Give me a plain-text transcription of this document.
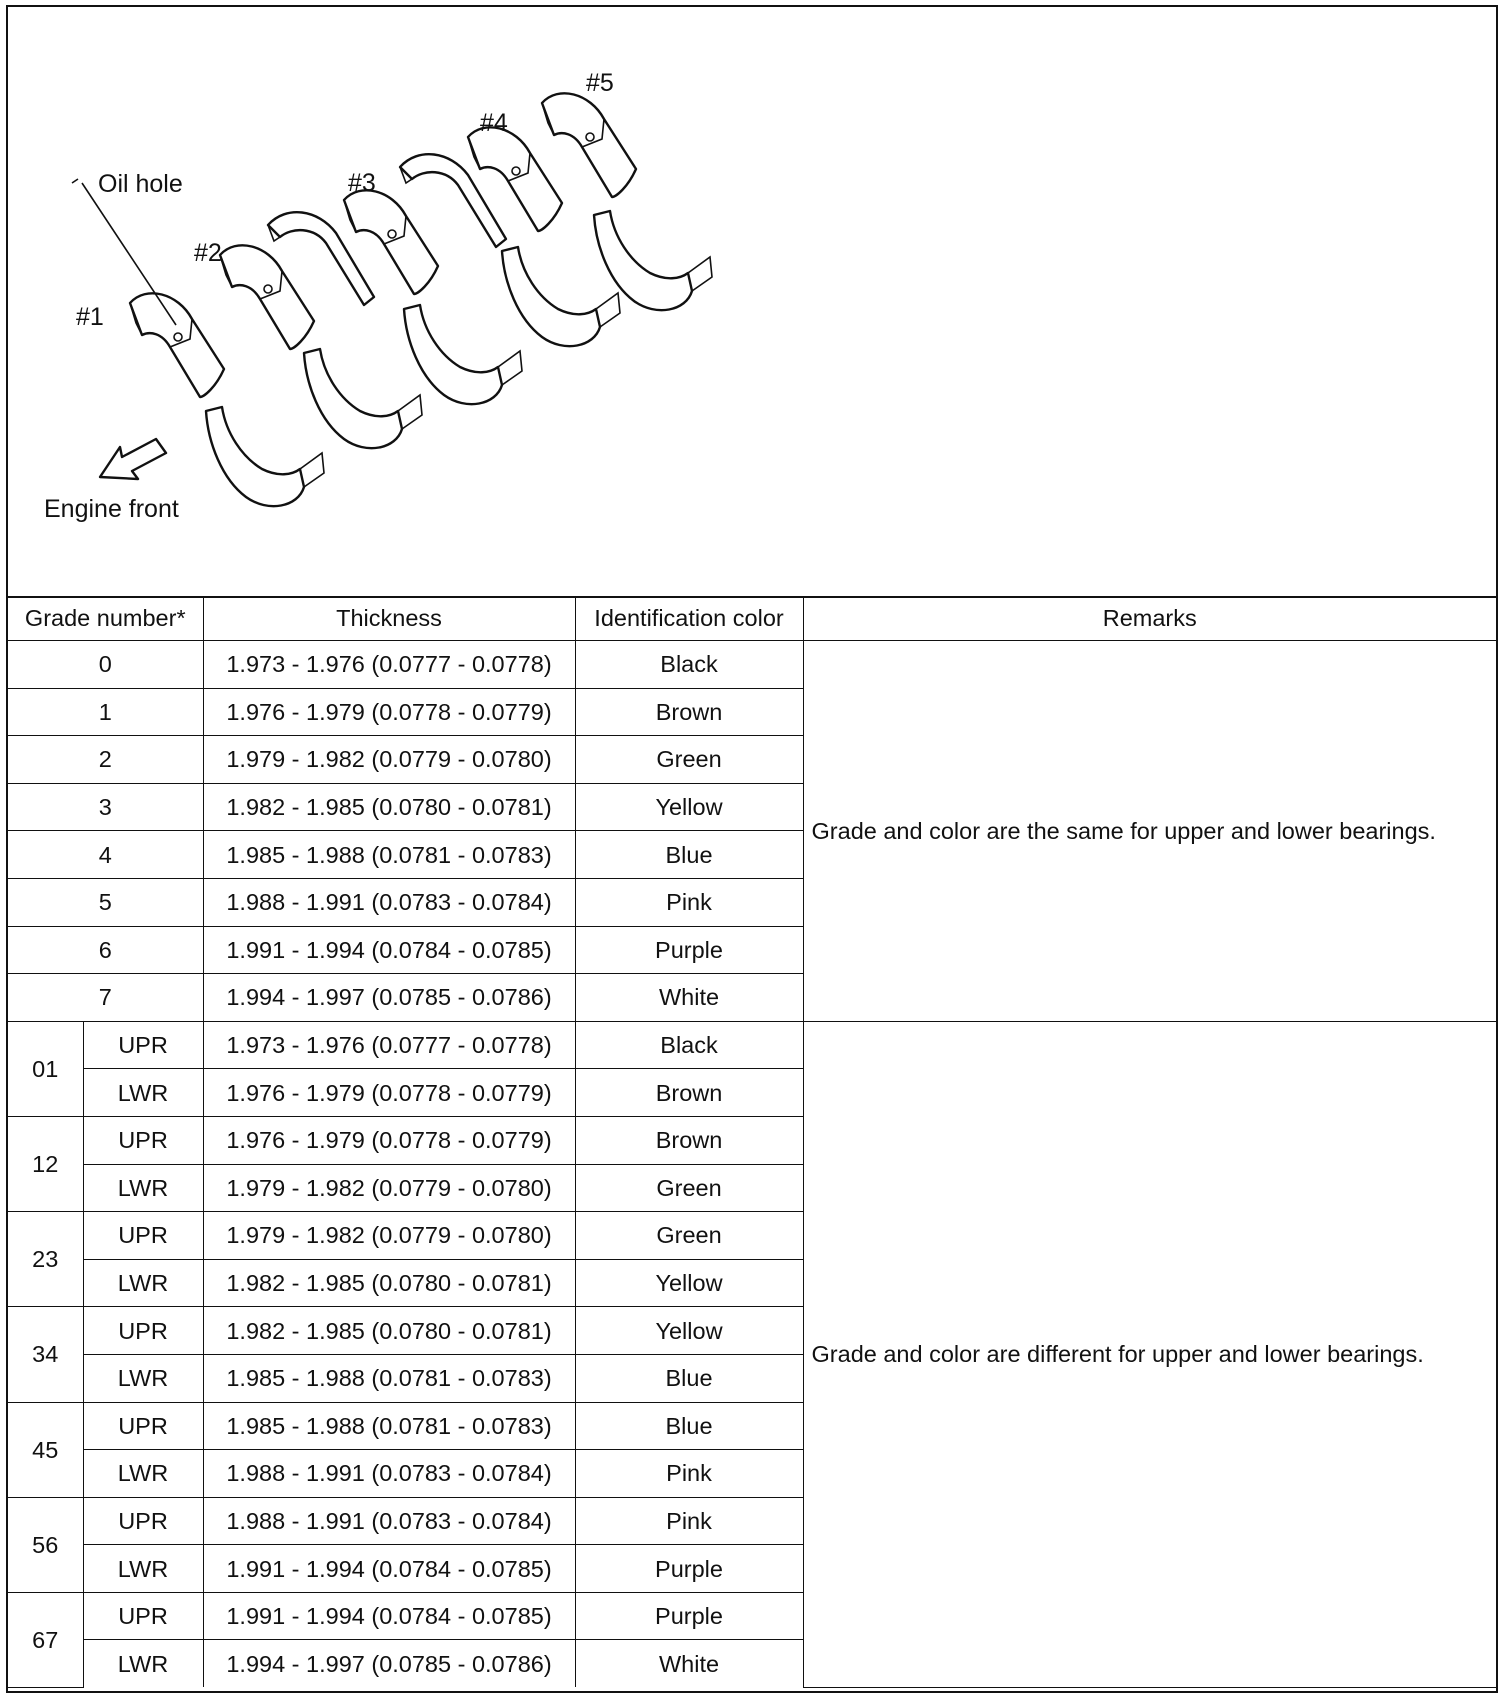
Oil hole
Engine front
#1
#2
#3
#4
#5
Grade number*		Thickness	Identification color	Remarks
0		1.973 - 1.976 (0.0777 - 0.0778)	Black	Grade and color are the same for upper and lower bearings.
1		1.976 - 1.979 (0.0778 - 0.0779)	Brown	
2		1.979 - 1.982 (0.0779 - 0.0780)	Green	
3		1.982 - 1.985 (0.0780 - 0.0781)	Yellow	
4		1.985 - 1.988 (0.0781 - 0.0783)	Blue	
5		1.988 - 1.991 (0.0783 - 0.0784)	Pink	
6		1.991 - 1.994 (0.0784 - 0.0785)	Purple	
7		1.994 - 1.997 (0.0785 - 0.0786)	White	
01	UPR	1.973 - 1.976 (0.0777 - 0.0778)	Black	Grade and color are different for upper and lower bearings.
	LWR	1.976 - 1.979 (0.0778 - 0.0779)	Brown	
12	UPR	1.976 - 1.979 (0.0778 - 0.0779)	Brown	
	LWR	1.979 - 1.982 (0.0779 - 0.0780)	Green	
23	UPR	1.979 - 1.982 (0.0779 - 0.0780)	Green	
	LWR	1.982 - 1.985 (0.0780 - 0.0781)	Yellow	
34	UPR	1.982 - 1.985 (0.0780 - 0.0781)	Yellow	
	LWR	1.985 - 1.988 (0.0781 - 0.0783)	Blue	
45	UPR	1.985 - 1.988 (0.0781 - 0.0783)	Blue	
	LWR	1.988 - 1.991 (0.0783 - 0.0784)	Pink	
56	UPR	1.988 - 1.991 (0.0783 - 0.0784)	Pink	
	LWR	1.991 - 1.994 (0.0784 - 0.0785)	Purple	
67	UPR	1.991 - 1.994 (0.0784 - 0.0785)	Purple	
	LWR	1.994 - 1.997 (0.0785 - 0.0786)	White	
